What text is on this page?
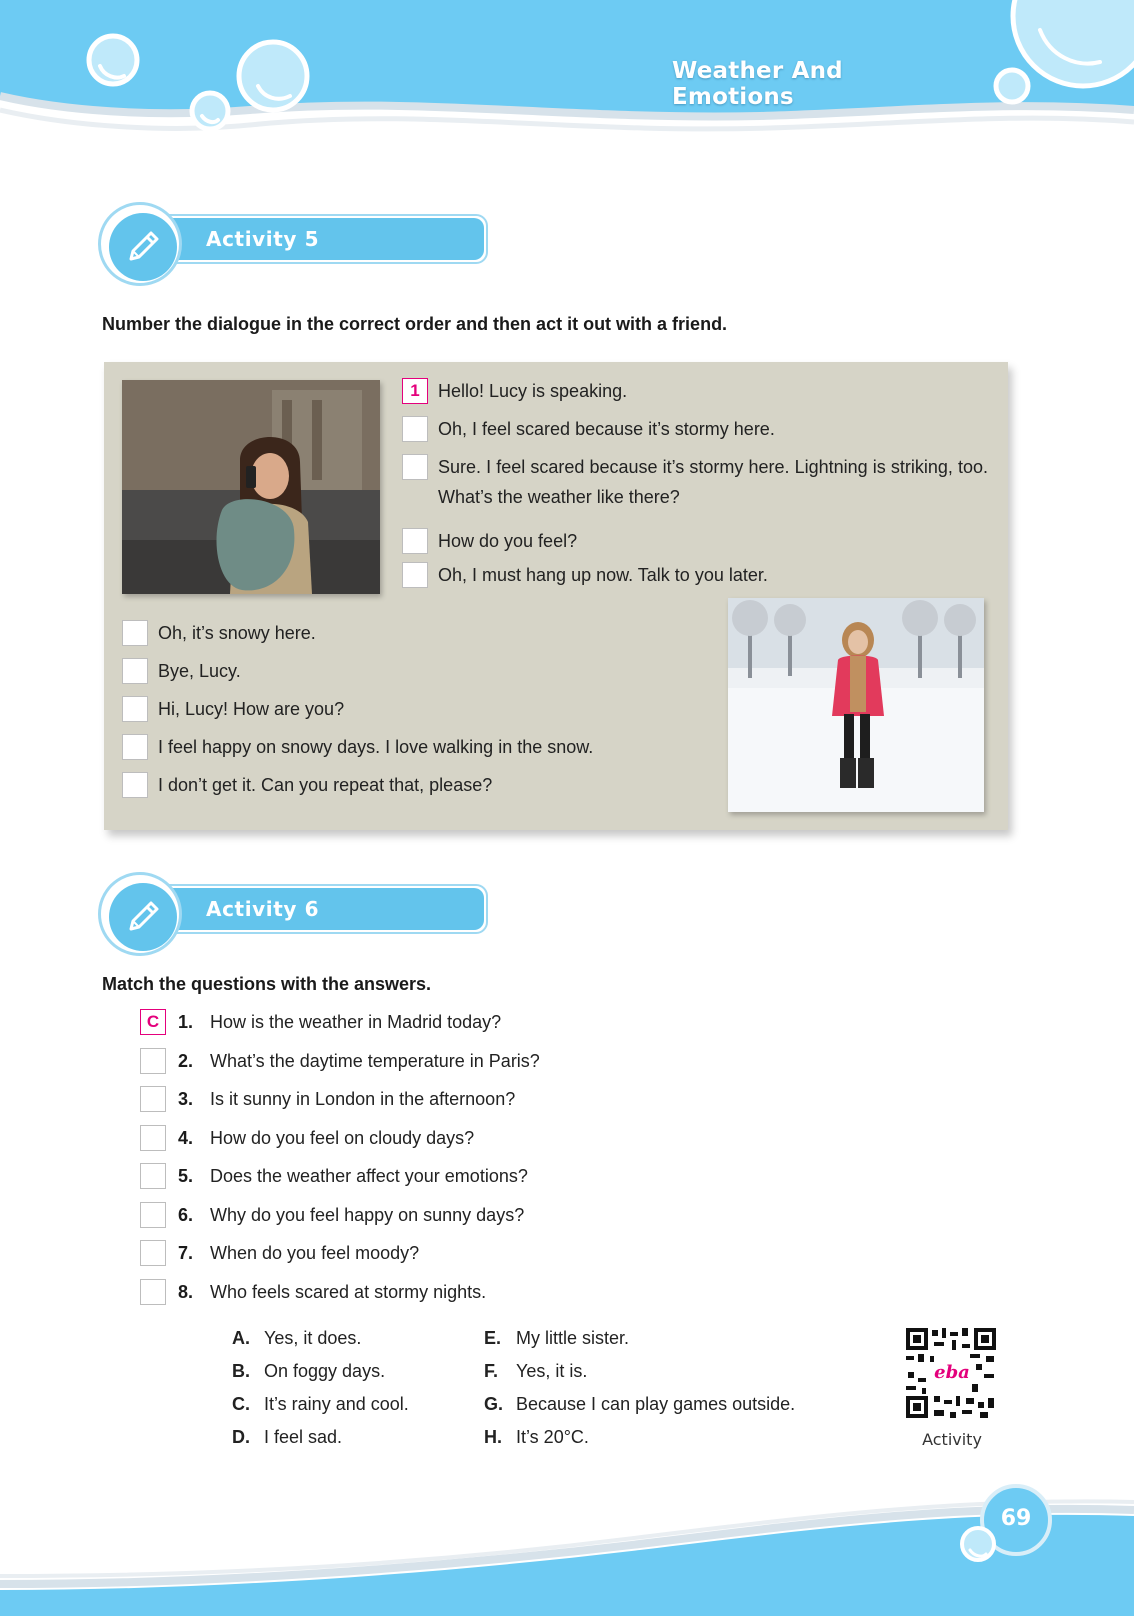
Weather And Emotions
Activity 5
Number the dialogue in the correct order and then act it out with a friend.
1	Hello! Lucy is speaking.
Oh, I feel scared because it’s stormy here.
Sure. I feel scared because it’s stormy here. Lightning is striking, too. What’s the weather like there?
How do you feel?
Oh, I must hang up now. Talk to you later.
Oh, it’s snowy here.
Bye, Lucy.
Hi, Lucy! How are you?
I feel happy on snowy days. I love walking in the snow.
I don’t get it. Can you repeat that, please?
Activity 6
Match the questions with the answers.
C	1. How is the weather in Madrid today?
2. What’s the daytime temperature in Paris?
3. Is it sunny in London in the afternoon?
4. How do you feel on cloudy days?
5. Does the weather affect your emotions?
6. Why do you feel happy on sunny days?
7. When do you feel moody?
8. Who feels scared at stormy nights.
A. Yes, it does.
B. On foggy days.
C. It’s rainy and cool.
D. I feel sad.
E. My little sister.
F. Yes, it is.
G. Because I can play games outside.
H. It’s 20°C.
eba
Activity
69
